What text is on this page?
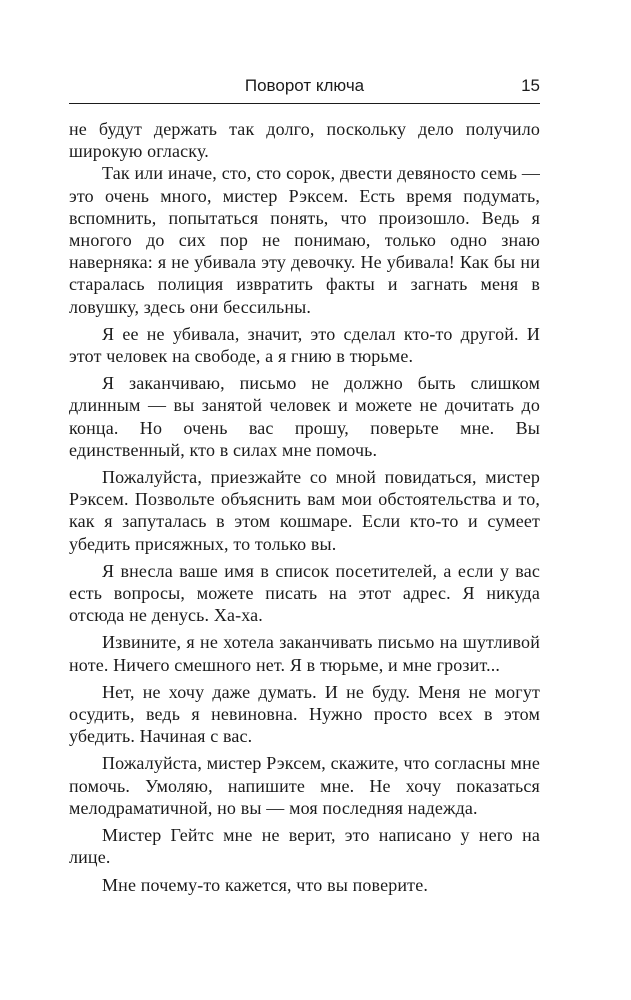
Поворот ключа	15

не будут держать так долго, поскольку дело получило широкую огласку.

Так или иначе, сто, сто сорок, двести девяносто семь — это очень много, мистер Рэксем. Есть время подумать, вспомнить, попытаться понять, что произошло. Ведь я многого до сих пор не понимаю, только одно знаю наверняка: я не убивала эту девочку. Не убивала! Как бы ни старалась полиция извратить факты и загнать меня в ловушку, здесь они бессильны.

Я ее не убивала, значит, это сделал кто-то другой. И этот человек на свободе, а я гнию в тюрьме.

Я заканчиваю, письмо не должно быть слишком длинным — вы занятой человек и можете не дочитать до конца. Но очень вас прошу, поверьте мне. Вы единственный, кто в силах мне помочь.

Пожалуйста, приезжайте со мной повидаться, мистер Рэксем. Позвольте объяснить вам мои обстоятельства и то, как я запуталась в этом кошмаре. Если кто-то и сумеет убедить присяжных, то только вы.

Я внесла ваше имя в список посетителей, а если у вас есть вопросы, можете писать на этот адрес. Я никуда отсюда не денусь. Ха-ха.

Извините, я не хотела заканчивать письмо на шутливой ноте. Ничего смешного нет. Я в тюрьме, и мне грозит...

Нет, не хочу даже думать. И не буду. Меня не могут осудить, ведь я невиновна. Нужно просто всех в этом убедить. Начиная с вас.

Пожалуйста, мистер Рэксем, скажите, что согласны мне помочь. Умоляю, напишите мне. Не хочу показаться мелодраматичной, но вы — моя последняя надежда.

Мистер Гейтс мне не верит, это написано у него на лице.

Мне почему-то кажется, что вы поверите.
